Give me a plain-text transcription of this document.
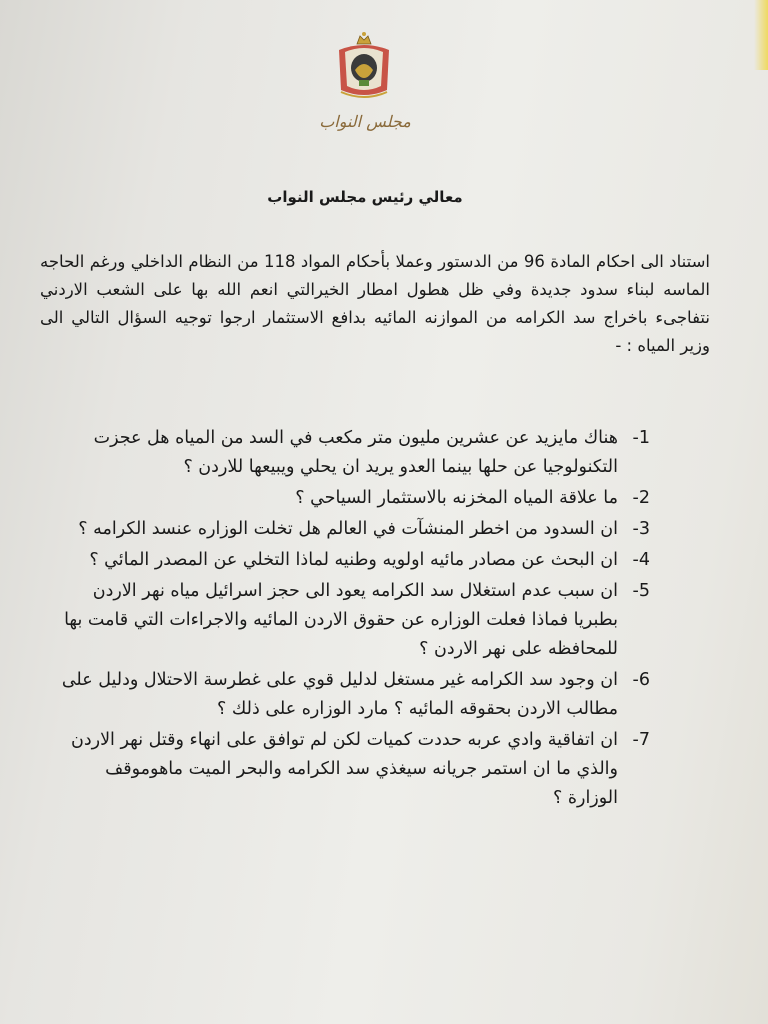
مجلس النواب
معالي رئيس مجلس النواب
استناد الى احكام المادة 96 من الدستور وعملا بأحكام المواد 118 من النظام الداخلي ورغم الحاجه الماسه لبناء سدود جديدة وفي ظل هطول امطار الخيرالتي انعم الله بها على الشعب الاردني نتفاجىء باخراج سد الكرامه من الموازنه المائيه بدافع الاستثمار ارجوا توجيه السؤال التالي الى وزير المياه : -
1-
هناك مايزيد عن عشرين مليون متر مكعب في السد من المياه هل عجزت التكنولوجيا عن حلها بينما العدو يريد ان يحلي ويبيعها للاردن ؟
2-
ما علاقة المياه المخزنه بالاستثمار السياحي ؟
3-
ان السدود من اخطر المنشآت في العالم هل تخلت الوزاره عنسد الكرامه ؟
4-
ان البحث عن مصادر مائيه اولويه وطنيه لماذا التخلي عن المصدر المائي ؟
5-
ان سبب عدم استغلال سد الكرامه يعود الى حجز اسرائيل مياه نهر الاردن بطبريا فماذا فعلت الوزاره عن حقوق الاردن المائيه والاجراءات التي قامت بها للمحافظه على نهر الاردن ؟
6-
ان وجود سد الكرامه غير مستغل لدليل قوي على غطرسة الاحتلال ودليل على مطالب الاردن بحقوقه المائيه ؟ مارد الوزاره على ذلك ؟
7-
ان اتفاقية وادي عربه حددت كميات لكن لم توافق على انهاء وقتل نهر الاردن والذي ما ان استمر جريانه سيغذي سد الكرامه والبحر الميت ماهوموقف الوزارة ؟
